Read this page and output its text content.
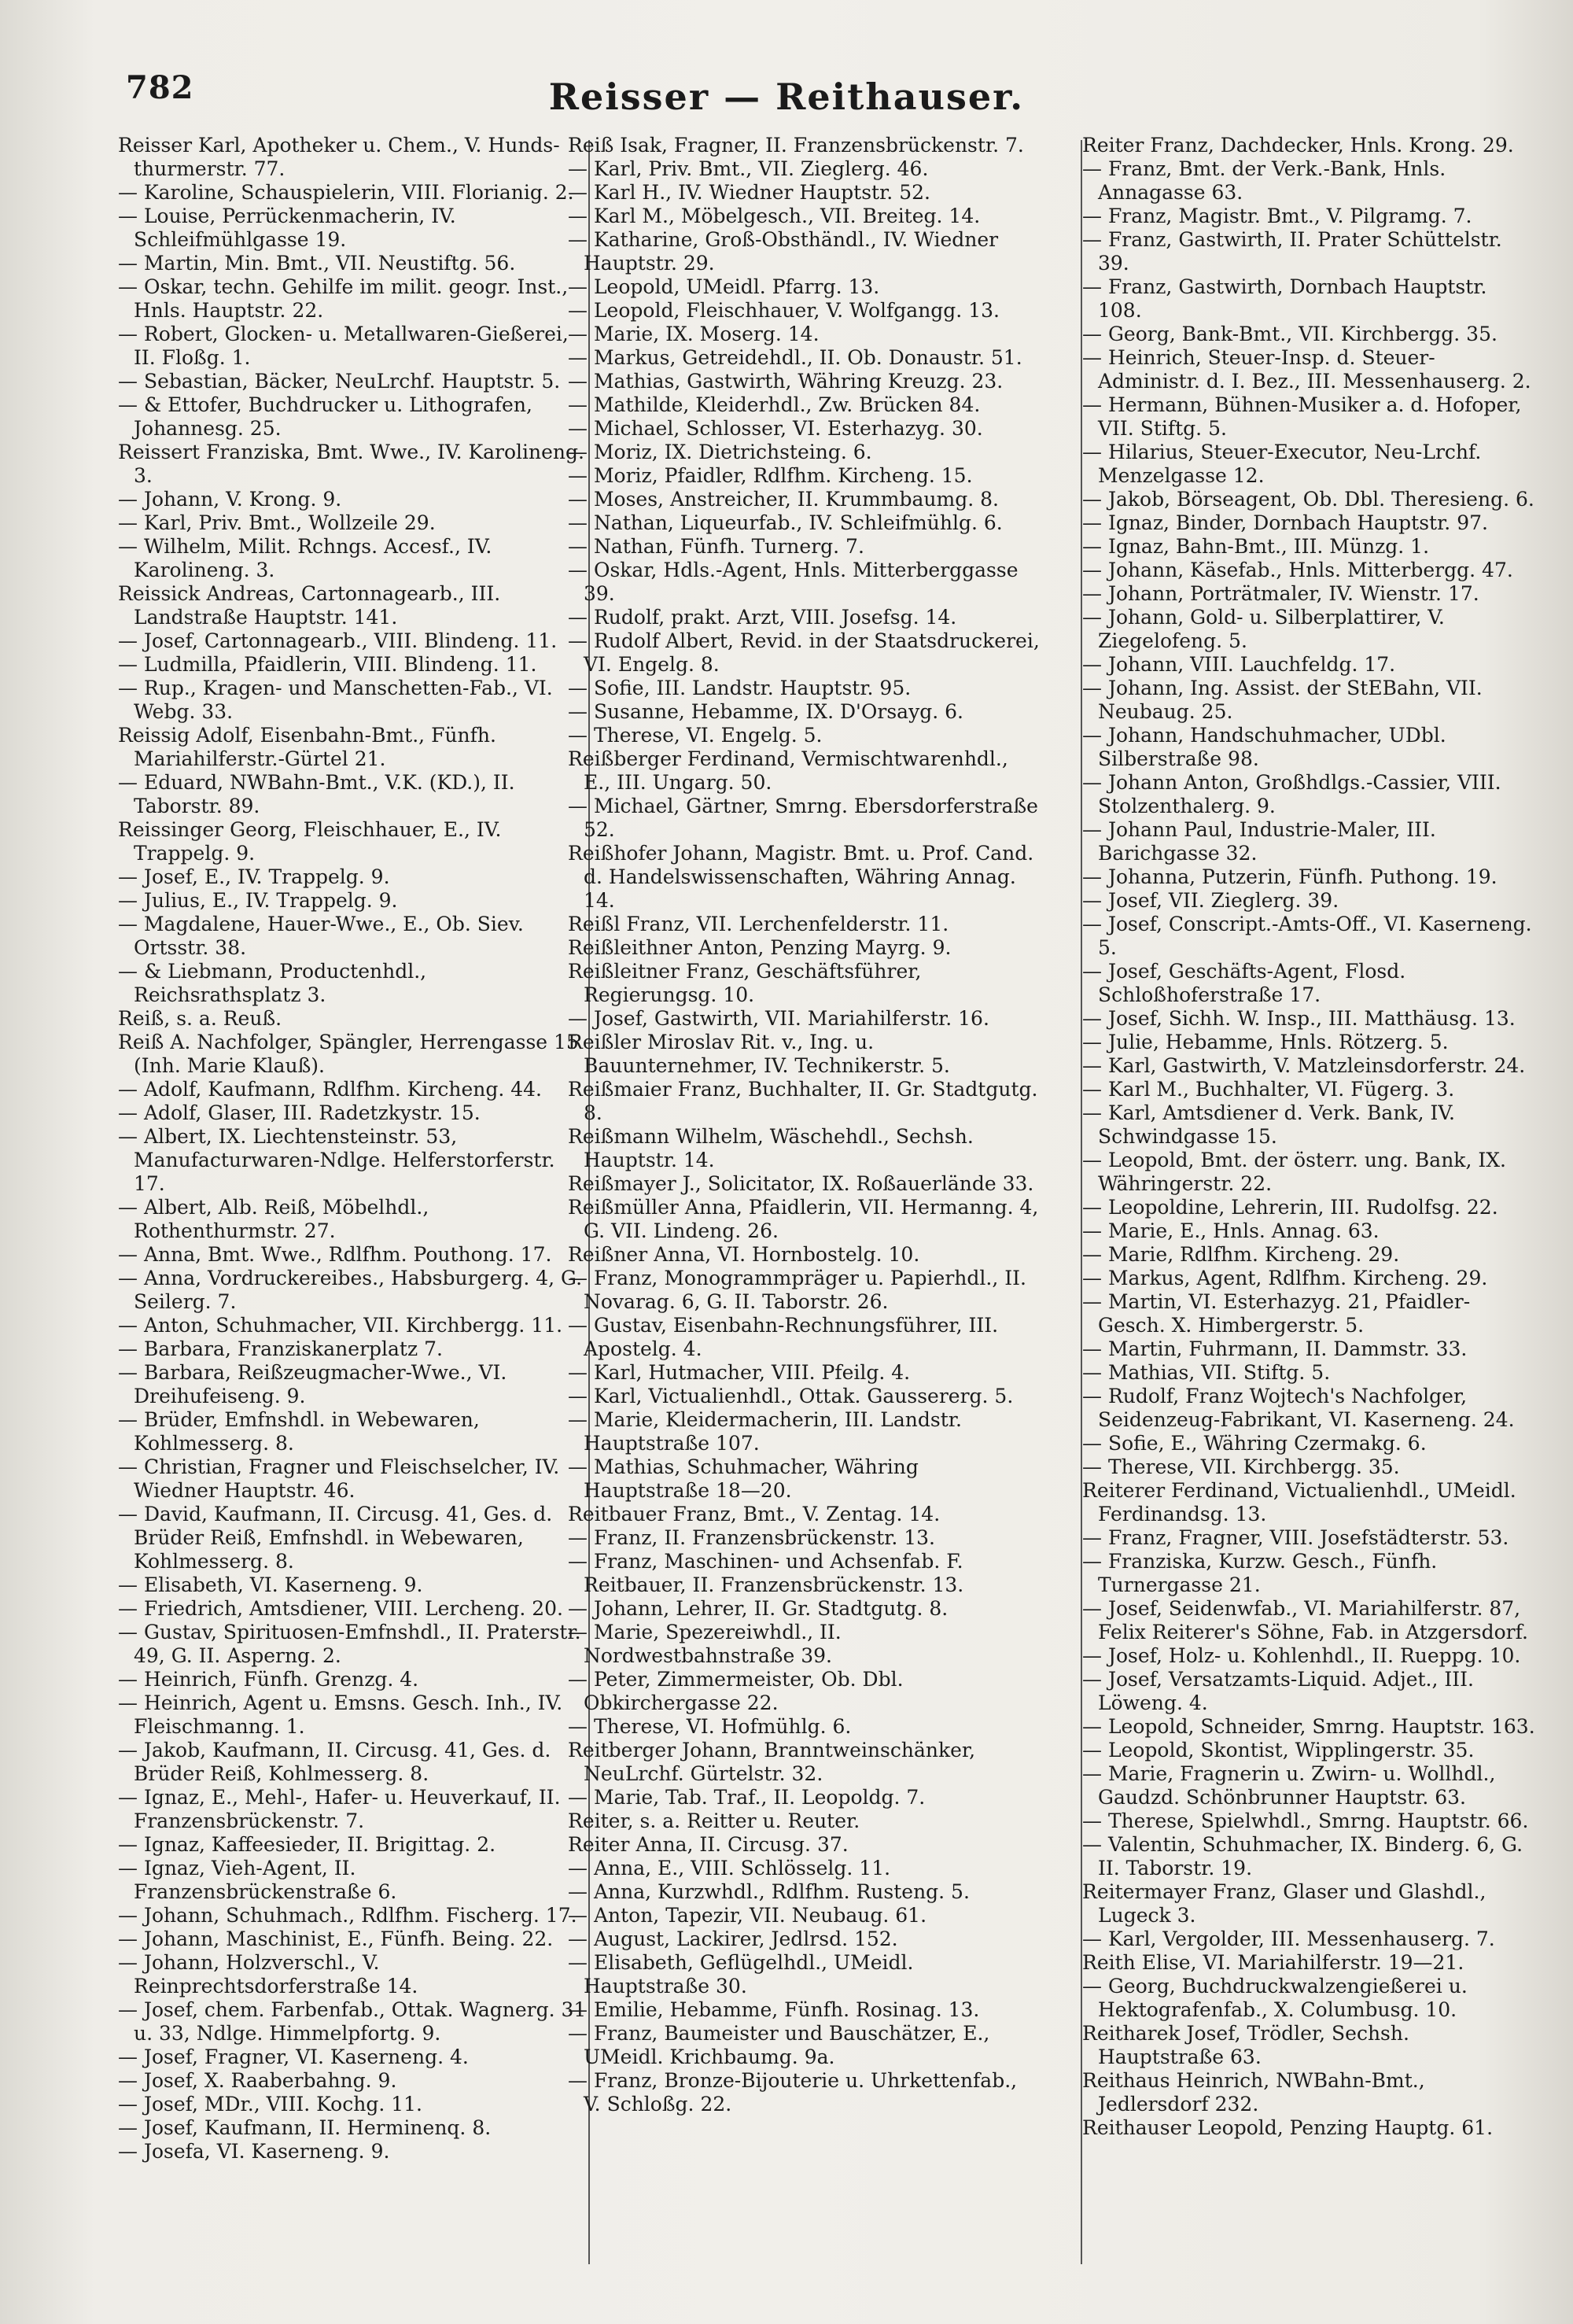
782	Reisser — Reithauser.

Reisser Karl, Apotheker u. Chem., V. Hunds-thurmerstr. 77.

— Karoline, Schauspielerin, VIII. Florianig. 2.

— Louise, Perrückenmacherin, IV. Schleifmühlgasse 19.

— Martin, Min. Bmt., VII. Neustiftg. 56.

— Oskar, techn. Gehilfe im milit. geogr. Inst., Hnls. Hauptstr. 22.

— Robert, Glocken- u. Metallwaren-Gießerei, II. Floßg. 1.

— Sebastian, Bäcker, NeuLrchf. Hauptstr. 5.

— & Ettofer, Buchdrucker u. Lithografen, Johannesg. 25.

Reissert Franziska, Bmt. Wwe., IV. Karolineng. 3.

— Johann, V. Krong. 9.

— Karl, Priv. Bmt., Wollzeile 29.

— Wilhelm, Milit. Rchngs. Accesf., IV. Karolineng. 3.

Reissick Andreas, Cartonnagearb., III. Landstraße Hauptstr. 141.

— Josef, Cartonnagearb., VIII. Blindeng. 11.

— Ludmilla, Pfaidlerin, VIII. Blindeng. 11.

— Rup., Kragen- und Manschetten-Fab., VI. Webg. 33.

Reissig Adolf, Eisenbahn-Bmt., Fünfh. Mariahilferstr.-Gürtel 21.

— Eduard, NWBahn-Bmt., V.K. (KD.), II. Taborstr. 89.

Reissinger Georg, Fleischhauer, E., IV. Trappelg. 9.

— Josef, E., IV. Trappelg. 9.

— Julius, E., IV. Trappelg. 9.

— Magdalene, Hauer-Wwe., E., Ob. Siev. Ortsstr. 38.

— & Liebmann, Productenhdl., Reichsrathsplatz 3.

Reiß, s. a. Reuß.

Reiß A. Nachfolger, Spängler, Herrengasse 15 (Inh. Marie Klauß).

— Adolf, Kaufmann, Rdlfhm. Kircheng. 44.

— Adolf, Glaser, III. Radetzkystr. 15.

— Albert, IX. Liechtensteinstr. 53, Manufacturwaren-Ndlge. Helferstorferstr. 17.

— Albert, Alb. Reiß, Möbelhdl., Rothenthurmstr. 27.

— Anna, Bmt. Wwe., Rdlfhm. Pouthong. 17.

— Anna, Vordruckereibes., Habsburgerg. 4, G. Seilerg. 7.

— Anton, Schuhmacher, VII. Kirchbergg. 11.

— Barbara, Franziskanerplatz 7.

— Barbara, Reißzeugmacher-Wwe., VI. Dreihufeiseng. 9.

— Brüder, Emfnshdl. in Webewaren, Kohlmesserg. 8.

— Christian, Fragner und Fleischselcher, IV. Wiedner Hauptstr. 46.

— David, Kaufmann, II. Circusg. 41, Ges. d. Brüder Reiß, Emfnshdl. in Webewaren, Kohlmesserg. 8.

— Elisabeth, VI. Kaserneng. 9.

— Friedrich, Amtsdiener, VIII. Lercheng. 20.

— Gustav, Spirituosen-Emfnshdl., II. Praterstr. 49, G. II. Asperng. 2.

— Heinrich, Fünfh. Grenzg. 4.

— Heinrich, Agent u. Emsns. Gesch. Inh., IV. Fleischmanng. 1.

— Jakob, Kaufmann, II. Circusg. 41, Ges. d. Brüder Reiß, Kohlmesserg. 8.

— Ignaz, E., Mehl-, Hafer- u. Heuverkauf, II. Franzensbrückenstr. 7.

— Ignaz, Kaffeesieder, II. Brigittag. 2.

— Ignaz, Vieh-Agent, II. Franzensbrückenstraße 6.

— Johann, Schuhmach., Rdlfhm. Fischerg. 17.

— Johann, Maschinist, E., Fünfh. Being. 22.

— Johann, Holzverschl., V. Reinprechtsdorferstraße 14.

— Josef, chem. Farbenfab., Ottak. Wagnerg. 31 u. 33, Ndlge. Himmelpfortg. 9.

— Josef, Fragner, VI. Kaserneng. 4.

— Josef, X. Raaberbahng. 9.

— Josef, MDr., VIII. Kochg. 11.

— Josef, Kaufmann, II. Herminenq. 8.

— Josefa, VI. Kaserneng. 9.

Reiß Isak, Fragner, II. Franzensbrückenstr. 7.

— Karl, Priv. Bmt., VII. Zieglerg. 46.

— Karl H., IV. Wiedner Hauptstr. 52.

— Karl M., Möbelgesch., VII. Breiteg. 14.

— Katharine, Groß-Obsthändl., IV. Wiedner Hauptstr. 29.

— Leopold, UMeidl. Pfarrg. 13.

— Leopold, Fleischhauer, V. Wolfgangg. 13.

— Marie, IX. Moserg. 14.

— Markus, Getreidehdl., II. Ob. Donaustr. 51.

— Mathias, Gastwirth, Währing Kreuzg. 23.

— Mathilde, Kleiderhdl., Zw. Brücken 84.

— Michael, Schlosser, VI. Esterhazyg. 30.

— Moriz, IX. Dietrichsteing. 6.

— Moriz, Pfaidler, Rdlfhm. Kircheng. 15.

— Moses, Anstreicher, II. Krummbaumg. 8.

— Nathan, Liqueurfab., IV. Schleifmühlg. 6.

— Nathan, Fünfh. Turnerg. 7.

— Oskar, Hdls.-Agent, Hnls. Mitterberggasse 39.

— Rudolf, prakt. Arzt, VIII. Josefsg. 14.

— Rudolf Albert, Revid. in der Staatsdruckerei, VI. Engelg. 8.

— Sofie, III. Landstr. Hauptstr. 95.

— Susanne, Hebamme, IX. D'Orsayg. 6.

— Therese, VI. Engelg. 5.

Reißberger Ferdinand, Vermischtwarenhdl., E., III. Ungarg. 50.

— Michael, Gärtner, Smrng. Ebersdorferstraße 52.

Reißhofer Johann, Magistr. Bmt. u. Prof. Cand. d. Handelswissenschaften, Währing Annag. 14.

Reißl Franz, VII. Lerchenfelderstr. 11.

Reißleithner Anton, Penzing Mayrg. 9.

Reißleitner Franz, Geschäftsführer, Regierungsg. 10.

— Josef, Gastwirth, VII. Mariahilferstr. 16.

Reißler Miroslav Rit. v., Ing. u. Bauunternehmer, IV. Technikerstr. 5.

Reißmaier Franz, Buchhalter, II. Gr. Stadtgutg. 8.

Reißmann Wilhelm, Wäschehdl., Sechsh. Hauptstr. 14.

Reißmayer J., Solicitator, IX. Roßauerlände 33.

Reißmüller Anna, Pfaidlerin, VII. Hermanng. 4, G. VII. Lindeng. 26.

Reißner Anna, VI. Hornbostelg. 10.

— Franz, Monogrammpräger u. Papierhdl., II. Novarag. 6, G. II. Taborstr. 26.

— Gustav, Eisenbahn-Rechnungsführer, III. Apostelg. 4.

— Karl, Hutmacher, VIII. Pfeilg. 4.

— Karl, Victualienhdl., Ottak. Gaussererg. 5.

— Marie, Kleidermacherin, III. Landstr. Hauptstraße 107.

— Mathias, Schuhmacher, Währing Hauptstraße 18—20.

Reitbauer Franz, Bmt., V. Zentag. 14.

— Franz, II. Franzensbrückenstr. 13.

— Franz, Maschinen- und Achsenfab. F. Reitbauer, II. Franzensbrückenstr. 13.

— Johann, Lehrer, II. Gr. Stadtgutg. 8.

— Marie, Spezereiwhdl., II. Nordwestbahnstraße 39.

— Peter, Zimmermeister, Ob. Dbl. Obkirchergasse 22.

— Therese, VI. Hofmühlg. 6.

Reitberger Johann, Branntweinschänker, NeuLrchf. Gürtelstr. 32.

— Marie, Tab. Traf., II. Leopoldg. 7.

Reiter, s. a. Reitter u. Reuter.

Reiter Anna, II. Circusg. 37.

— Anna, E., VIII. Schlösselg. 11.

— Anna, Kurzwhdl., Rdlfhm. Rusteng. 5.

— Anton, Tapezir, VII. Neubaug. 61.

— August, Lackirer, Jedlrsd. 152.

— Elisabeth, Geflügelhdl., UMeidl. Hauptstraße 30.

— Emilie, Hebamme, Fünfh. Rosinag. 13.

— Franz, Baumeister und Bauschätzer, E., UMeidl. Krichbaumg. 9a.

— Franz, Bronze-Bijouterie u. Uhrkettenfab., V. Schloßg. 22.

Reiter Franz, Dachdecker, Hnls. Krong. 29.

— Franz, Bmt. der Verk.-Bank, Hnls. Annagasse 63.

— Franz, Magistr. Bmt., V. Pilgramg. 7.

— Franz, Gastwirth, II. Prater Schüttelstr. 39.

— Franz, Gastwirth, Dornbach Hauptstr. 108.

— Georg, Bank-Bmt., VII. Kirchbergg. 35.

— Heinrich, Steuer-Insp. d. Steuer-Administr. d. I. Bez., III. Messenhauserg. 2.

— Hermann, Bühnen-Musiker a. d. Hofoper, VII. Stiftg. 5.

— Hilarius, Steuer-Executor, Neu-Lrchf. Menzelgasse 12.

— Jakob, Börseagent, Ob. Dbl. Theresieng. 6.

— Ignaz, Binder, Dornbach Hauptstr. 97.

— Ignaz, Bahn-Bmt., III. Münzg. 1.

— Johann, Käsefab., Hnls. Mitterbergg. 47.

— Johann, Porträtmaler, IV. Wienstr. 17.

— Johann, Gold- u. Silberplattirer, V. Ziegelofeng. 5.

— Johann, VIII. Lauchfeldg. 17.

— Johann, Ing. Assist. der StEBahn, VII. Neubaug. 25.

— Johann, Handschuhmacher, UDbl. Silberstraße 98.

— Johann Anton, Großhdlgs.-Cassier, VIII. Stolzenthalerg. 9.

— Johann Paul, Industrie-Maler, III. Barichgasse 32.

— Johanna, Putzerin, Fünfh. Puthong. 19.

— Josef, VII. Zieglerg. 39.

— Josef, Conscript.-Amts-Off., VI. Kaserneng. 5.

— Josef, Geschäfts-Agent, Flosd. Schloßhoferstraße 17.

— Josef, Sichh. W. Insp., III. Matthäusg. 13.

— Julie, Hebamme, Hnls. Rötzerg. 5.

— Karl, Gastwirth, V. Matzleinsdorferstr. 24.

— Karl M., Buchhalter, VI. Fügerg. 3.

— Karl, Amtsdiener d. Verk. Bank, IV. Schwindgasse 15.

— Leopold, Bmt. der österr. ung. Bank, IX. Währingerstr. 22.

— Leopoldine, Lehrerin, III. Rudolfsg. 22.

— Marie, E., Hnls. Annag. 63.

— Marie, Rdlfhm. Kircheng. 29.

— Markus, Agent, Rdlfhm. Kircheng. 29.

— Martin, VI. Esterhazyg. 21, Pfaidler-Gesch. X. Himbergerstr. 5.

— Martin, Fuhrmann, II. Dammstr. 33.

— Mathias, VII. Stiftg. 5.

— Rudolf, Franz Wojtech's Nachfolger, Seidenzeug-Fabrikant, VI. Kaserneng. 24.

— Sofie, E., Währing Czermakg. 6.

— Therese, VII. Kirchbergg. 35.

Reiterer Ferdinand, Victualienhdl., UMeidl. Ferdinandsg. 13.

— Franz, Fragner, VIII. Josefstädterstr. 53.

— Franziska, Kurzw. Gesch., Fünfh. Turnergasse 21.

— Josef, Seidenwfab., VI. Mariahilferstr. 87, Felix Reiterer's Söhne, Fab. in Atzgersdorf.

— Josef, Holz- u. Kohlenhdl., II. Rueppg. 10.

— Josef, Versatzamts-Liquid. Adjet., III. Löweng. 4.

— Leopold, Schneider, Smrng. Hauptstr. 163.

— Leopold, Skontist, Wipplingerstr. 35.

— Marie, Fragnerin u. Zwirn- u. Wollhdl., Gaudzd. Schönbrunner Hauptstr. 63.

— Therese, Spielwhdl., Smrng. Hauptstr. 66.

— Valentin, Schuhmacher, IX. Binderg. 6, G. II. Taborstr. 19.

Reitermayer Franz, Glaser und Glashdl., Lugeck 3.

— Karl, Vergolder, III. Messenhauserg. 7.

Reith Elise, VI. Mariahilferstr. 19—21.

— Georg, Buchdruckwalzengießerei u. Hektografenfab., X. Columbusg. 10.

Reitharek Josef, Trödler, Sechsh. Hauptstraße 63.

Reithaus Heinrich, NWBahn-Bmt., Jedlersdorf 232.

Reithauser Leopold, Penzing Hauptg. 61.
